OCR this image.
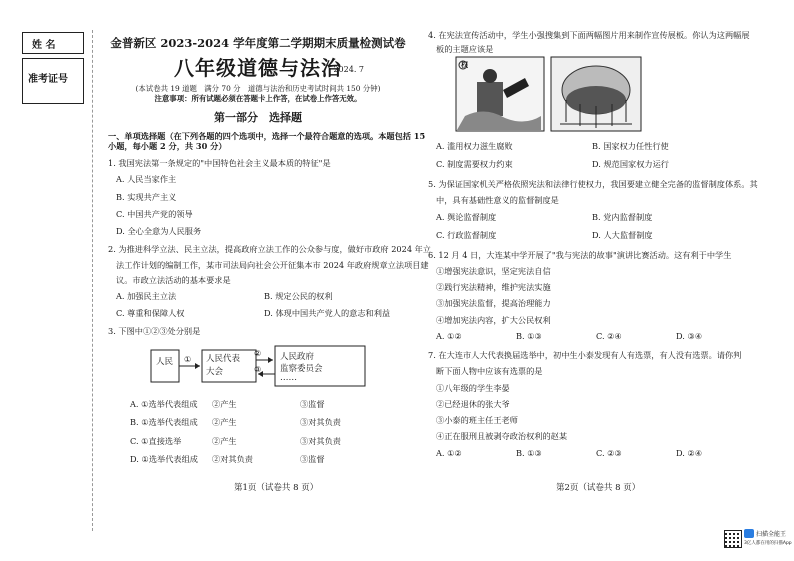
姓 名
准考证号

金普新区 2023-2024 学年度第二学期期末质量检测试卷

八年级道德与法治

2024. 7

(本试卷共 19 道题　满分 70 分　道德与法治和历史考试时间共 150 分钟)

注意事项：所有试题必须在答题卡上作答，在试卷上作答无效。

第一部分　选择题

一、单项选择题（在下列各题的四个选项中，选择一个最符合题意的选项。本题包括 15

小题，每小题 2 分，共 30 分）

1. 我国宪法第一条规定的"中国特色社会主义最本质的特征"是

A. 人民当家作主

B. 实现共产主义

C. 中国共产党的领导

D. 全心全意为人民服务

2. 为推进科学立法、民主立法，提高政府立法工作的公众参与度，做好市政府 2024 年立

法工作计划的编制工作，某市司法局向社会公开征集本市 2024 年政府规章立法项目建

议。市政立法活动的基本要求是

A. 加强民主立法	B. 规定公民的权利
C. 尊重和保障人权	D. 体现中国共产党人的意志和利益

3. 下图中①②③处分别是

人民	人民代表
大会
人民政府
监察委员会
……
①
②
③
A. ①选举代表组成	②产生	③监督
B. ①选举代表组成	②产生	③对其负责
C. ①直接选举	②产生	③对其负责
D. ①选举代表组成	②对其负责	③监督
第1页（试卷共 8 页）

4. 在宪法宣传活动中，学生小强搜集到下面两幅图片用来制作宣传展板。你认为这两幅展

板的主题应该是

权
A. 滥用权力滋生腐败	B. 国家权力任性行使
C. 制度需要权力约束	D. 规范国家权力运行

5. 为保证国家机关严格依照宪法和法律行使权力，我国要建立健全完备的监督制度体系。其

中，具有基础性意义的监督制度是

A. 舆论监督制度	B. 党内监督制度
C. 行政监督制度	D. 人大监督制度

6. 12 月 4 日，大连某中学开展了"我与宪法的故事"演讲比赛活动。这有利于中学生

①增强宪法意识，坚定宪法自信

②践行宪法精神，维护宪法实施

③加强宪法监督，提高治理能力

④增加宪法内容，扩大公民权利

A. ①②	B. ①③	C. ②④	D. ③④

7. 在大连市人大代表换届选举中，初中生小泰发现有人有选票，有人没有选票。请你判

断下面人物中应该有选票的是

①八年级的学生李晏

②已经退休的张大爷

③小泰的班主任王老师

④正在服刑且被剥夺政治权利的赵某

A. ①②	B. ①③	C. ②③	D. ②④
第2页（试卷共 8 页）
扫描全能王
3亿人都在用的扫描App
